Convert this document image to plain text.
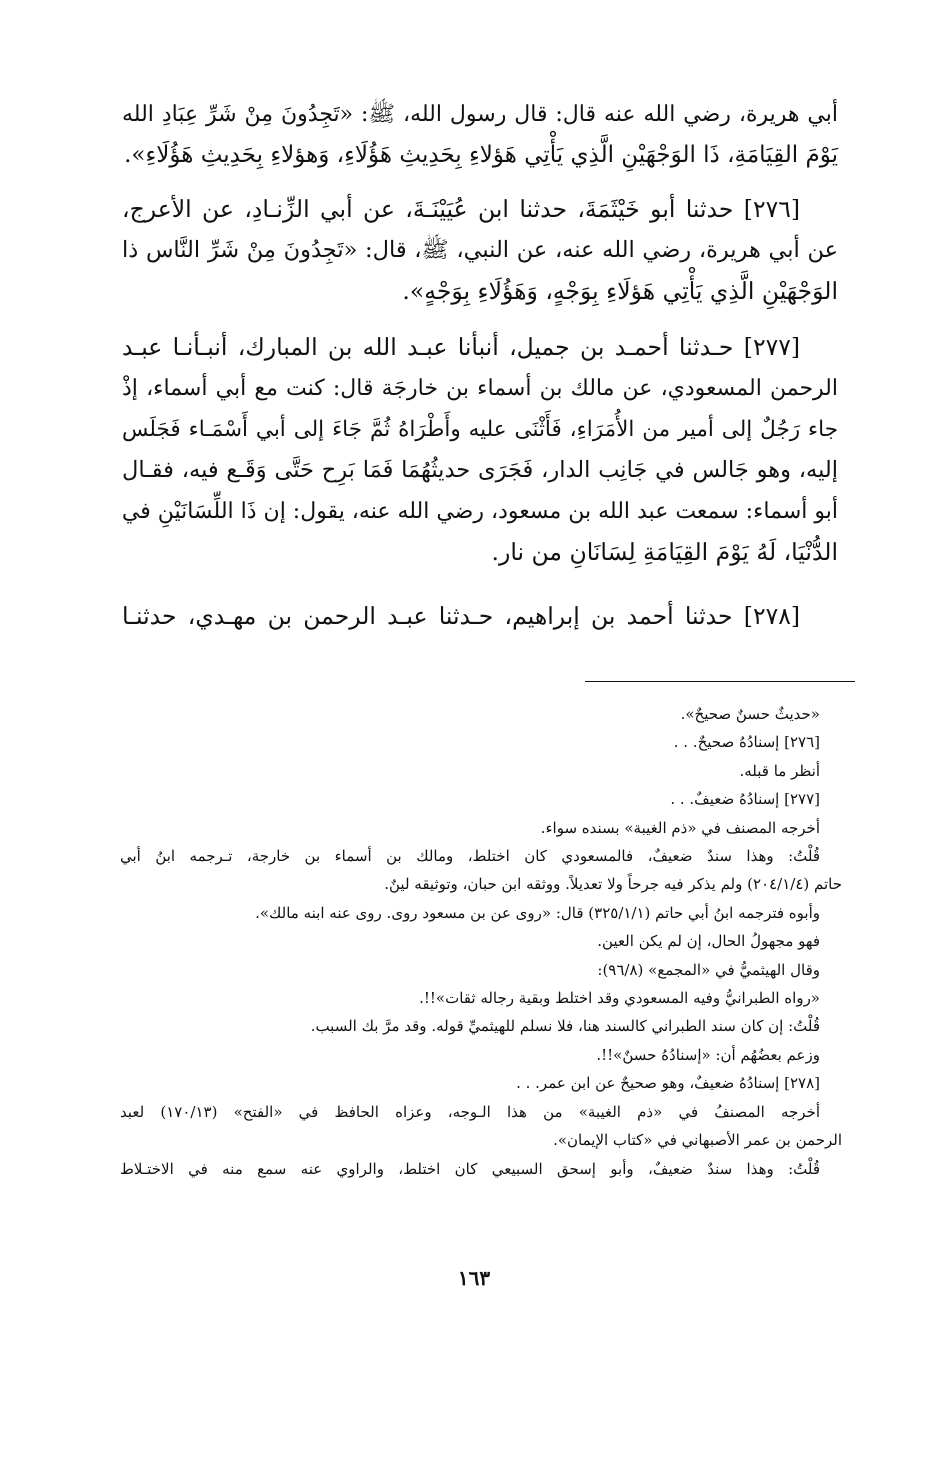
أبي هريرة، رضي الله عنه قال: قال رسول الله، ﷺ: «تَجِدُونَ مِنْ شَرِّ عِبَادِ الله
يَوْمَ القِيَامَةِ، ذَا الوَجْهَيْنِ الَّذِي يَأْتِي هَؤلاءِ بِحَدِيثِ هَؤُلَاءِ، وَهؤلاءِ بِحَدِيثِ هَؤُلَاءِ».
[٢٧٦] حدثنا أبو خَيْثَمَةَ، حدثنا ابن عُيَيْنَـةَ، عن أبي الزِّنـادِ، عن الأعرج،
عن أبي هريرة، رضي الله عنه، عن النبي، ﷺ، قال: «تَجِدُونَ مِنْ شَرِّ النَّاس ذا
الوَجْهَيْنِ الَّذِي يَأْتِي هَؤلَاءِ بِوَجْهٍ، وَهَؤُلَاءِ بِوَجْهٍ».
[٢٧٧] حـدثنا أحمـد بن جميل، أنبأنا عبـد الله بن المبارك، أنبـأنـا عبـد
الرحمن المسعودي، عن مالك بن أسماء بن خارجَة قال: كنت مع أبي أسماء، إذْ
جاء رَجُلٌ إلى أمير من الأُمَرَاءِ، فَأَثْنَى عليه وأَطْرَاهُ ثُمَّ جَاءَ إلى أبي أَسْمَـاء فَجَلَس
إليه، وهو جَالس في جَانِب الدار، فَجَرَى حديثُهُمَا فَمَا بَرِح حَتَّى وَقَـع فيه، فقـال
أبو أسماء: سمعت عبد الله بن مسعود، رضي الله عنه، يقول: إن ذَا اللِّسَانَيْنِ في
الدُّنْيَا، لَهُ يَوْمَ القِيَامَةِ لِسَانَانِ من نار.
[٢٧٨] حدثنا أحمد بن إبراهيم، حـدثنا عبـد الرحمن بن مهـدي، حدثنـا
«حديثٌ حسنٌ صحيحٌ».
[٢٧٦] إسنادُهُ صحيحٌ. . .
أنظر ما قبله.
[٢٧٧] إسنادُهُ ضعيفٌ. . .
أخرجه المصنف في «ذم الغيبة» بسنده سواء.
قُلْتُ: وهذا سندٌ ضعيفٌ، فالمسعودي كان اختلط، ومالك بن أسماء بن خارجة، تـرجمه ابنُ أبي
حاتم (٢٠٤/١/٤) ولم يذكر فيه جرحاً ولا تعديلاً. ووثقه ابن حبان، وتوثيقه لينٌ.
وأبوه فترجمه ابنُ أبي حاتم (٣٢٥/١/١) قال: «روى عن بن مسعود روى. روى عنه ابنه مالك».
فهو مجهولُ الحال، إن لم يكن العين.
وقال الهيثميُّ في «المجمع» (٩٦/٨):
«رواه الطبرانيُّ وفيه المسعودي وقد اختلط وبقية رجاله ثقات»!!.
قُلْتُ: إن كان سند الطبراني كالسند هنا، فلا نسلم للهيثميِّ قوله. وقد مرَّ بك السبب.
وزعم بعضُهُم أن: «إسنادُهُ حسنٌ»!!.
[٢٧٨] إسنادُهُ ضعيفٌ، وهو صحيحٌ عن ابن عمر. . .
أخرجه المصنفُ في «ذم الغيبة» من هذا الـوجه، وعزاه الحافظ في «الفتح» (١٧٠/١٣) لعبد
الرحمن بن عمر الأصبهاني في «كتاب الإيمان».
قُلْتُ: وهذا سندٌ ضعيفٌ، وأبو إسحق السبيعي كان اختلط، والراوي عنه سمع منه في الاختـلاط
١٦٣
